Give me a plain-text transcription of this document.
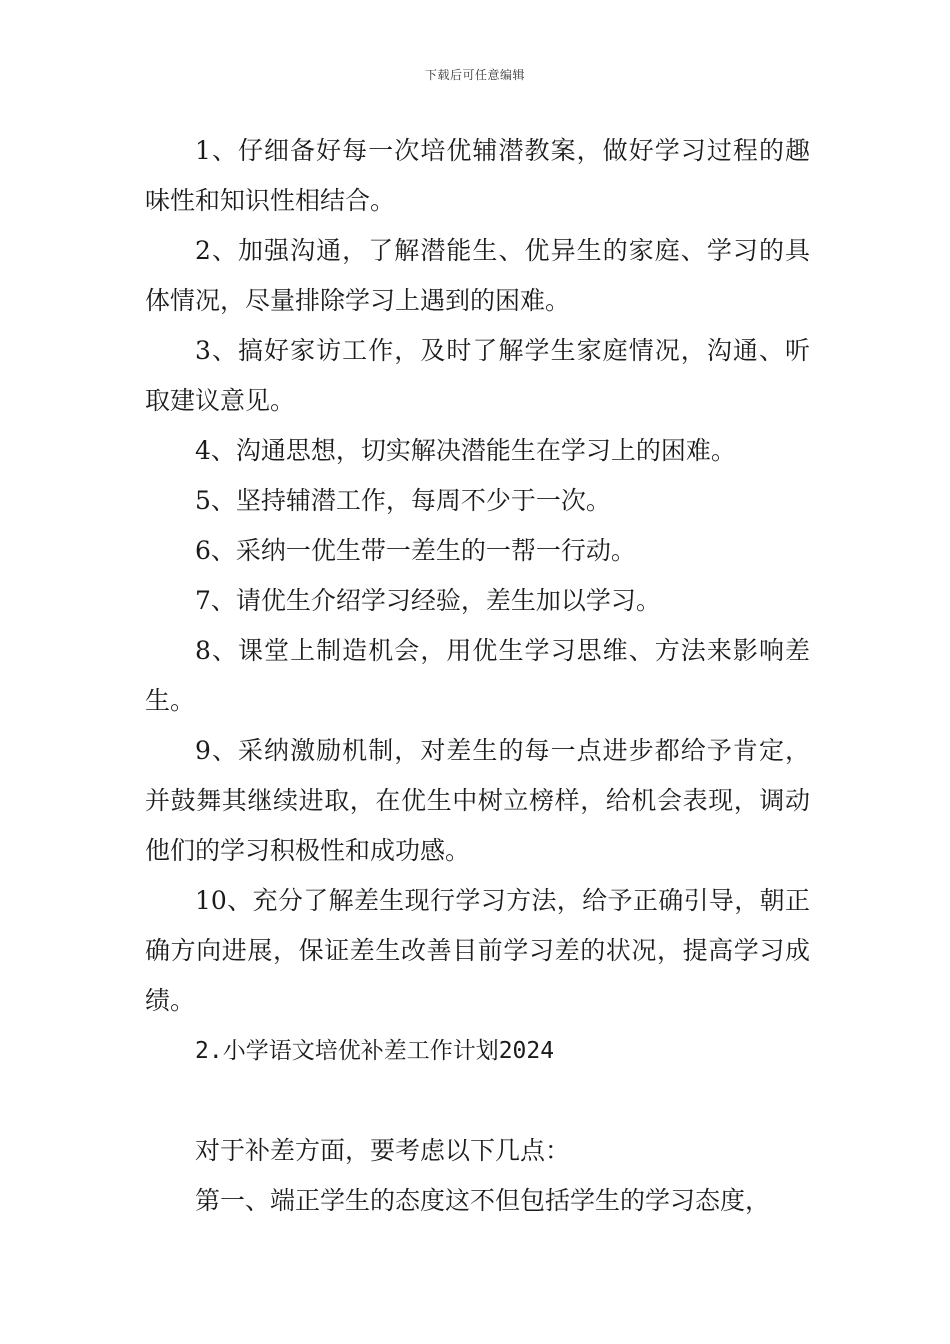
下载后可任意编辑

1、仔细备好每一次培优辅潜教案，做好学习过程的趣味性和知识性相结合。

2、加强沟通，了解潜能生、优异生的家庭、学习的具体情况，尽量排除学习上遇到的困难。

3、搞好家访工作，及时了解学生家庭情况，沟通、听取建议意见。

4、沟通思想，切实解决潜能生在学习上的困难。

5、坚持辅潜工作，每周不少于一次。

6、采纳一优生带一差生的一帮一行动。

7、请优生介绍学习经验，差生加以学习。

8、课堂上制造机会，用优生学习思维、方法来影响差生。

9、采纳激励机制，对差生的每一点进步都给予肯定，并鼓舞其继续进取，在优生中树立榜样，给机会表现，调动他们的学习积极性和成功感。

10、充分了解差生现行学习方法，给予正确引导，朝正确方向进展，保证差生改善目前学习差的状况，提高学习成绩。

2.小学语文培优补差工作计划2024

对于补差方面，要考虑以下几点：

第一、端正学生的态度这不但包括学生的学习态度，
